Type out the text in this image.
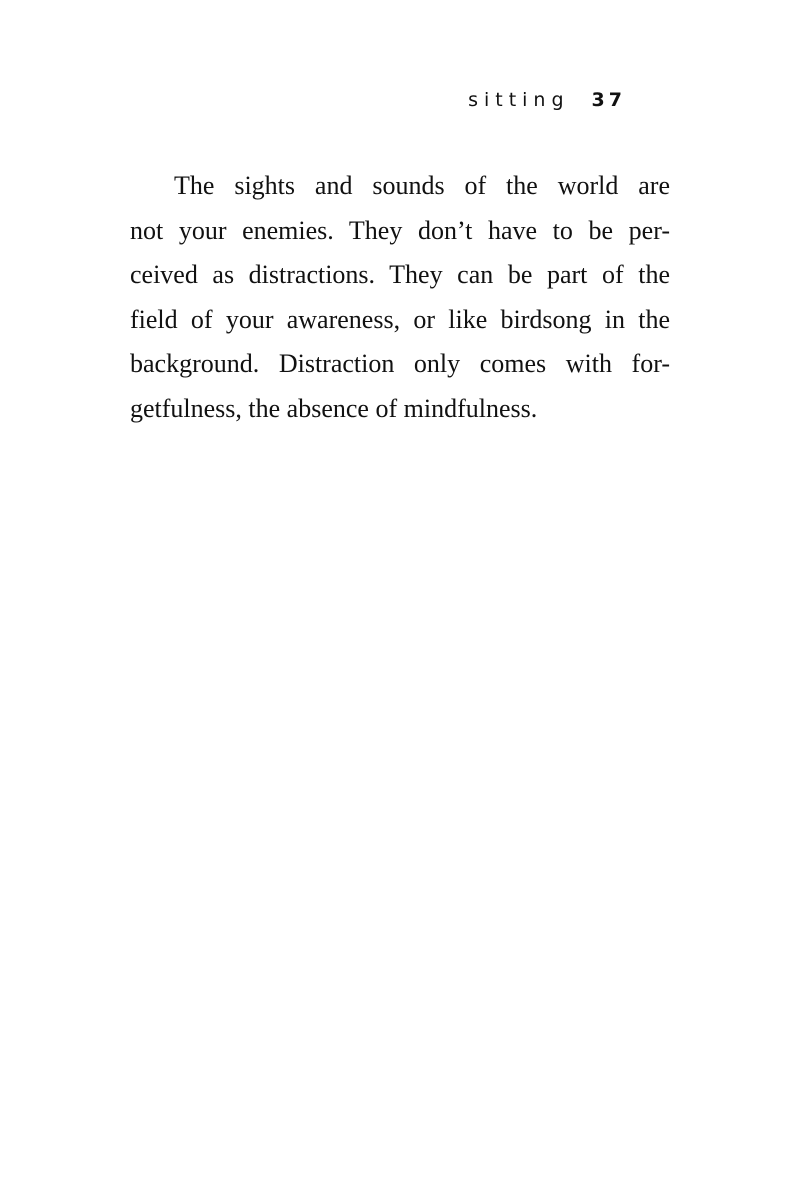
sitting 37

The sights and sounds of the world are
not your enemies. They don’t have to be per-
ceived as distractions. They can be part of the
field of your awareness, or like birdsong in the
background. Distraction only comes with for-
getfulness, the absence of mindfulness.
